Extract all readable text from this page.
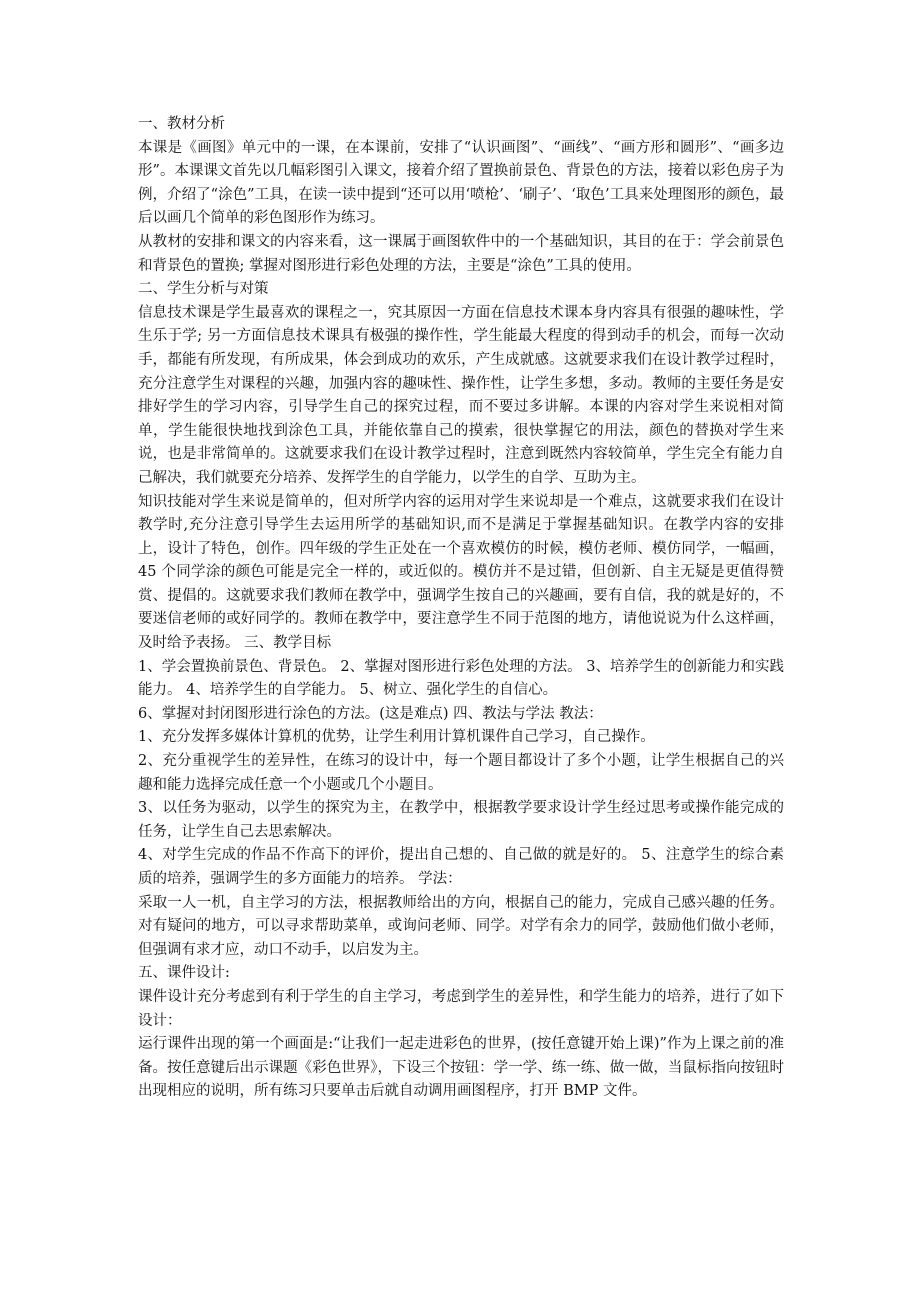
一、教材分析

本课是《画图》单元中的一课，在本课前，安排了“认识画图”、“画线”、“画方形和圆形”、“画多边形”。本课课文首先以几幅彩图引入课文，接着介绍了置换前景色、背景色的方法，接着以彩色房子为例，介绍了“涂色”工具，在读一读中提到“还可以用‘喷枪’、‘刷子’、‘取色’工具来处理图形的颜色，最后以画几个简单的彩色图形作为练习。

从教材的安排和课文的内容来看，这一课属于画图软件中的一个基础知识，其目的在于：学会前景色和背景色的置换; 掌握对图形进行彩色处理的方法，主要是“涂色”工具的使用。

二、学生分析与对策

信息技术课是学生最喜欢的课程之一，究其原因一方面在信息技术课本身内容具有很强的趣味性，学生乐于学; 另一方面信息技术课具有极强的操作性，学生能最大程度的得到动手的机会，而每一次动手，都能有所发现，有所成果，体会到成功的欢乐，产生成就感。这就要求我们在设计教学过程时，充分注意学生对课程的兴趣，加强内容的趣味性、操作性，让学生多想，多动。教师的主要任务是安排好学生的学习内容，引导学生自己的探究过程，而不要过多讲解。本课的内容对学生来说相对简单，学生能很快地找到涂色工具，并能依靠自己的摸索，很快掌握它的用法，颜色的替换对学生来说，也是非常简单的。这就要求我们在设计教学过程时，注意到既然内容较简单，学生完全有能力自己解决，我们就要充分培养、发挥学生的自学能力，以学生的自学、互助为主。

知识技能对学生来说是简单的，但对所学内容的运用对学生来说却是一个难点，这就要求我们在设计教学时,充分注意引导学生去运用所学的基础知识,而不是满足于掌握基础知识。在教学内容的安排上，设计了特色，创作。四年级的学生正处在一个喜欢模仿的时候，模仿老师、模仿同学，一幅画，45 个同学涂的颜色可能是完全一样的，或近似的。模仿并不是过错，但创新、自主无疑是更值得赞赏、提倡的。这就要求我们教师在教学中，强调学生按自己的兴趣画，要有自信，我的就是好的，不要迷信老师的或好同学的。教师在教学中，要注意学生不同于范图的地方，请他说说为什么这样画，及时给予表扬。 三、教学目标

1、学会置换前景色、背景色。 2、掌握对图形进行彩色处理的方法。 3、培养学生的创新能力和实践能力。 4、培养学生的自学能力。 5、树立、强化学生的自信心。

6、掌握对封闭图形进行涂色的方法。(这是难点) 四、教法与学法 教法：

1、充分发挥多媒体计算机的优势，让学生利用计算机课件自己学习，自己操作。

2、充分重视学生的差异性，在练习的设计中，每一个题目都设计了多个小题，让学生根据自己的兴趣和能力选择完成任意一个小题或几个小题目。

3、以任务为驱动，以学生的探究为主，在教学中，根据教学要求设计学生经过思考或操作能完成的任务，让学生自己去思索解决。

4、对学生完成的作品不作高下的评价，提出自己想的、自己做的就是好的。 5、注意学生的综合素质的培养，强调学生的多方面能力的培养。 学法：

采取一人一机，自主学习的方法，根据教师给出的方向，根据自己的能力，完成自己感兴趣的任务。对有疑问的地方，可以寻求帮助菜单，或询问老师、同学。对学有余力的同学，鼓励他们做小老师，但强调有求才应，动口不动手，以启发为主。

五、课件设计:

课件设计充分考虑到有利于学生的自主学习，考虑到学生的差异性，和学生能力的培养，进行了如下设计：

运行课件出现的第一个画面是:“让我们一起走进彩色的世界，(按任意键开始上课)”作为上课之前的准备。按任意键后出示课题《彩色世界》，下设三个按钮：学一学、练一练、做一做，当鼠标指向按钮时出现相应的说明，所有练习只要单击后就自动调用画图程序，打开 BMP 文件。
